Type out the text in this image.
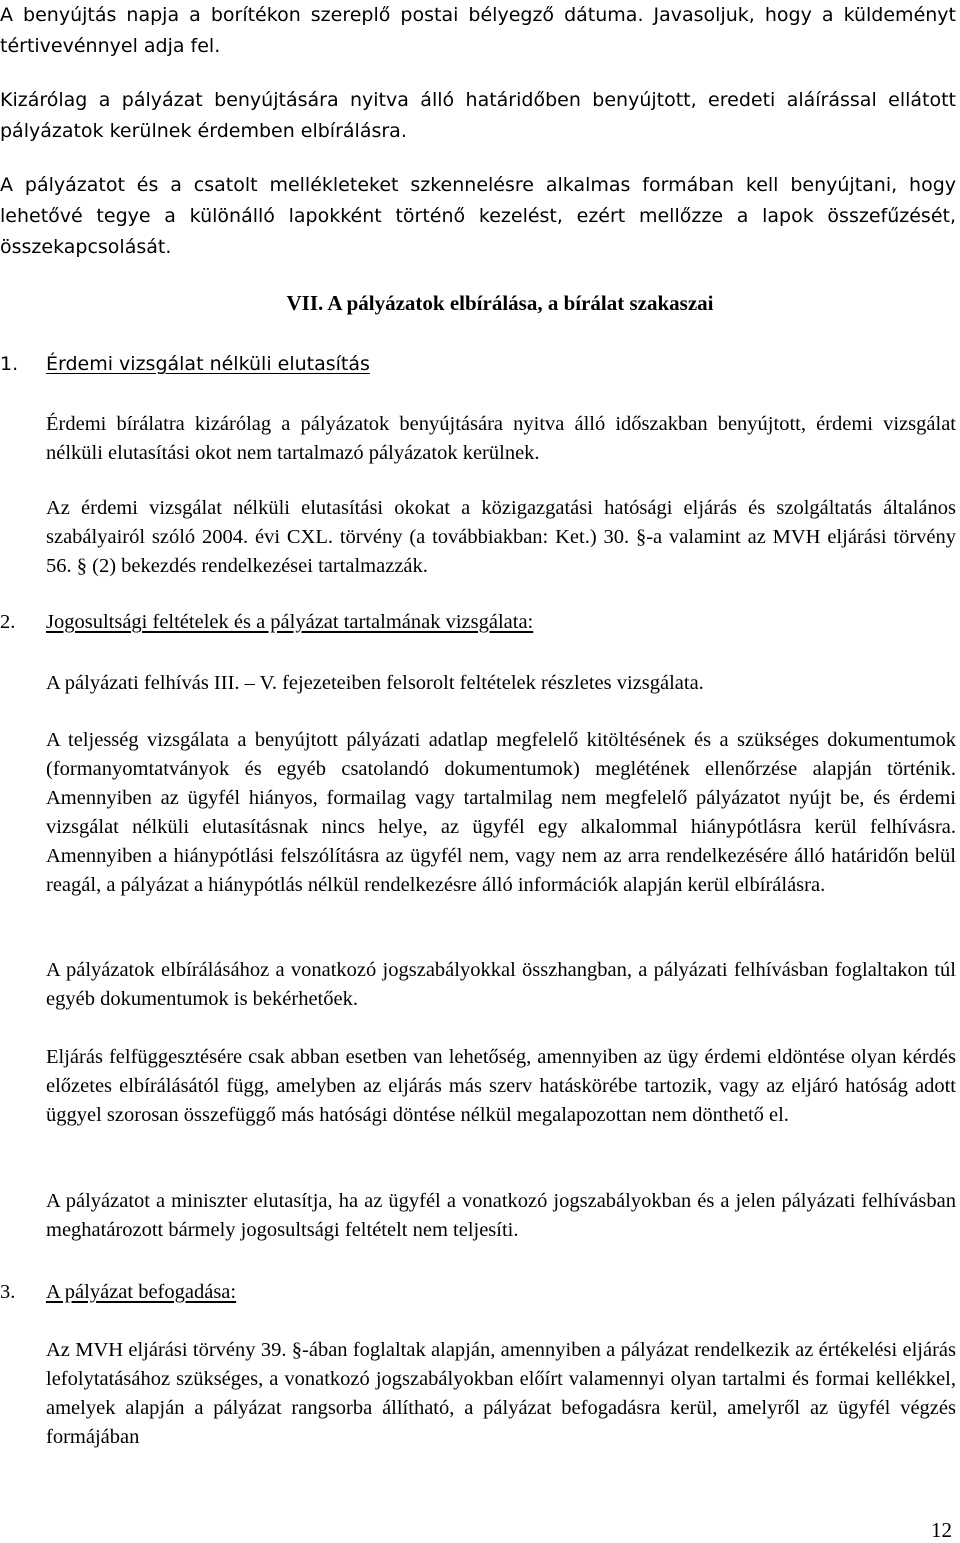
A benyújtás napja a borítékon szereplő postai bélyegző dátuma. Javasoljuk, hogy a küldeményt tértivevénnyel adja fel.

Kizárólag a pályázat benyújtására nyitva álló határidőben benyújtott, eredeti aláírással ellátott pályázatok kerülnek érdemben elbírálásra.

A pályázatot és a csatolt mellékleteket szkennelésre alkalmas formában kell benyújtani, hogy lehetővé tegye a különálló lapokként történő kezelést, ezért mellőzze a lapok összefűzését, összekapcsolását.

VII. A pályázatok elbírálása, a bírálat szakaszai
1. Érdemi vizsgálat nélküli elutasítás

Érdemi bírálatra kizárólag a pályázatok benyújtására nyitva álló időszakban benyújtott, érdemi vizsgálat nélküli elutasítási okot nem tartalmazó pályázatok kerülnek.

Az érdemi vizsgálat nélküli elutasítási okokat a közigazgatási hatósági eljárás és szolgáltatás általános szabályairól szóló 2004. évi CXL. törvény (a továbbiakban: Ket.) 30. §-a valamint az MVH eljárási törvény 56. § (2) bekezdés rendelkezései tartalmazzák.

2. Jogosultsági feltételek és a pályázat tartalmának vizsgálata:

A pályázati felhívás III. – V. fejezeteiben felsorolt feltételek részletes vizsgálata.

A teljesség vizsgálata a benyújtott pályázati adatlap megfelelő kitöltésének és a szükséges dokumentumok (formanyomtatványok és egyéb csatolandó dokumentumok) meglétének ellenőrzése alapján történik. Amennyiben az ügyfél hiányos, formailag vagy tartalmilag nem megfelelő pályázatot nyújt be, és érdemi vizsgálat nélküli elutasításnak nincs helye, az ügyfél egy alkalommal hiánypótlásra kerül felhívásra. Amennyiben a hiánypótlási felszólításra az ügyfél nem, vagy nem az arra rendelkezésére álló határidőn belül reagál, a pályázat a hiánypótlás nélkül rendelkezésre álló információk alapján kerül elbírálásra.

A pályázatok elbírálásához a vonatkozó jogszabályokkal összhangban, a pályázati felhívásban foglaltakon túl egyéb dokumentumok is bekérhetőek.

Eljárás felfüggesztésére csak abban esetben van lehetőség, amennyiben az ügy érdemi eldöntése olyan kérdés előzetes elbírálásától függ, amelyben az eljárás más szerv hatáskörébe tartozik, vagy az eljáró hatóság adott üggyel szorosan összefüggő más hatósági döntése nélkül megalapozottan nem dönthető el.

A pályázatot a miniszter elutasítja, ha az ügyfél a vonatkozó jogszabályokban és a jelen pályázati felhívásban meghatározott bármely jogosultsági feltételt nem teljesíti.

3. A pályázat befogadása:

Az MVH eljárási törvény 39. §-ában foglaltak alapján, amennyiben a pályázat rendelkezik az értékelési eljárás lefolytatásához szükséges, a vonatkozó jogszabályokban előírt valamennyi olyan tartalmi és formai kellékkel, amelyek alapján a pályázat rangsorba állítható, a pályázat befogadásra kerül, amelyről az ügyfél végzés formájában

12
